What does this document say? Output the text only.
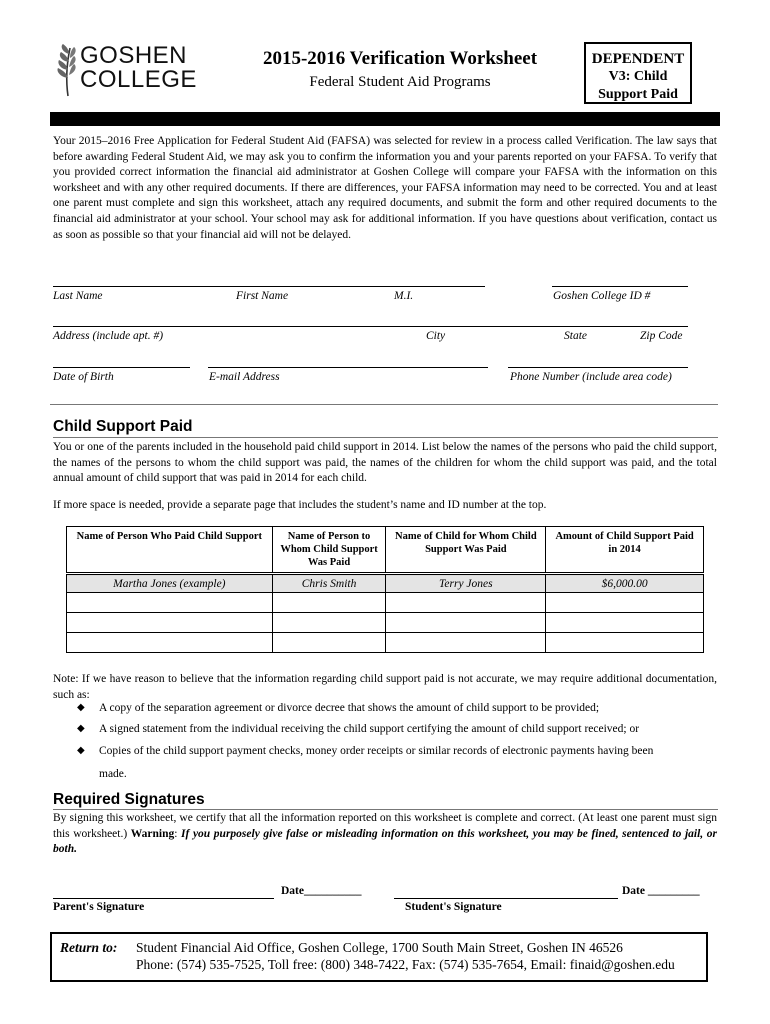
GOSHEN
COLLEGE
2015-2016 Verification Worksheet
Federal Student Aid Programs
DEPENDENT
V3: Child
Support Paid
Your 2015–2016 Free Application for Federal Student Aid (FAFSA) was selected for review in a process called Verification. The law says that before awarding Federal Student Aid, we may ask you to confirm the information you and your parents reported on your FAFSA. To verify that you provided correct information the financial aid administrator at Goshen College will compare your FAFSA with the information on this worksheet and with any other required documents. If there are differences, your FAFSA information may need to be corrected. You and at least one parent must complete and sign this worksheet, attach any required documents, and submit the form and other required documents to the financial aid administrator at your school. Your school may ask for additional information. If you have questions about verification, contact us as soon as possible so that your financial aid will not be delayed.
Last Name	First Name	M.I.	Goshen College ID #
Address (include apt. #)	City	State	Zip Code
Date of Birth	E-mail Address	Phone Number (include area code)
Child Support Paid
You or one of the parents included in the household paid child support in 2014. List below the names of the persons who paid the child support, the names of the persons to whom the child support was paid, the names of the children for whom the child support was paid, and the total annual amount of child support that was paid in 2014 for each child.
If more space is needed, provide a separate page that includes the student’s name and ID number at the top.
Name of Person Who Paid Child Support	Name of Person to Whom Child Support Was Paid	Name of Child for Whom Child Support Was Paid	Amount of Child Support Paid in 2014
Martha Jones (example)	Chris Smith	Terry Jones	$6,000.00

Note: If we have reason to believe that the information regarding child support paid is not accurate, we may require additional documentation, such as:
◆ A copy of the separation agreement or divorce decree that shows the amount of child support to be provided;
◆ A signed statement from the individual receiving the child support certifying the amount of child support received; or
◆ Copies of the child support payment checks, money order receipts or similar records of electronic payments having been
made.
Required Signatures
By signing this worksheet, we certify that all the information reported on this worksheet is complete and correct. (At least one parent must sign this worksheet.) Warning: If you purposely give false or misleading information on this worksheet, you may be fined, sentenced to jail, or both.
Date__________	Date _________
Parent's Signature	Student's Signature
Return to: Student Financial Aid Office, Goshen College, 1700 South Main Street, Goshen IN 46526
Phone: (574) 535-7525, Toll free: (800) 348-7422, Fax: (574) 535-7654, Email: finaid@goshen.edu
